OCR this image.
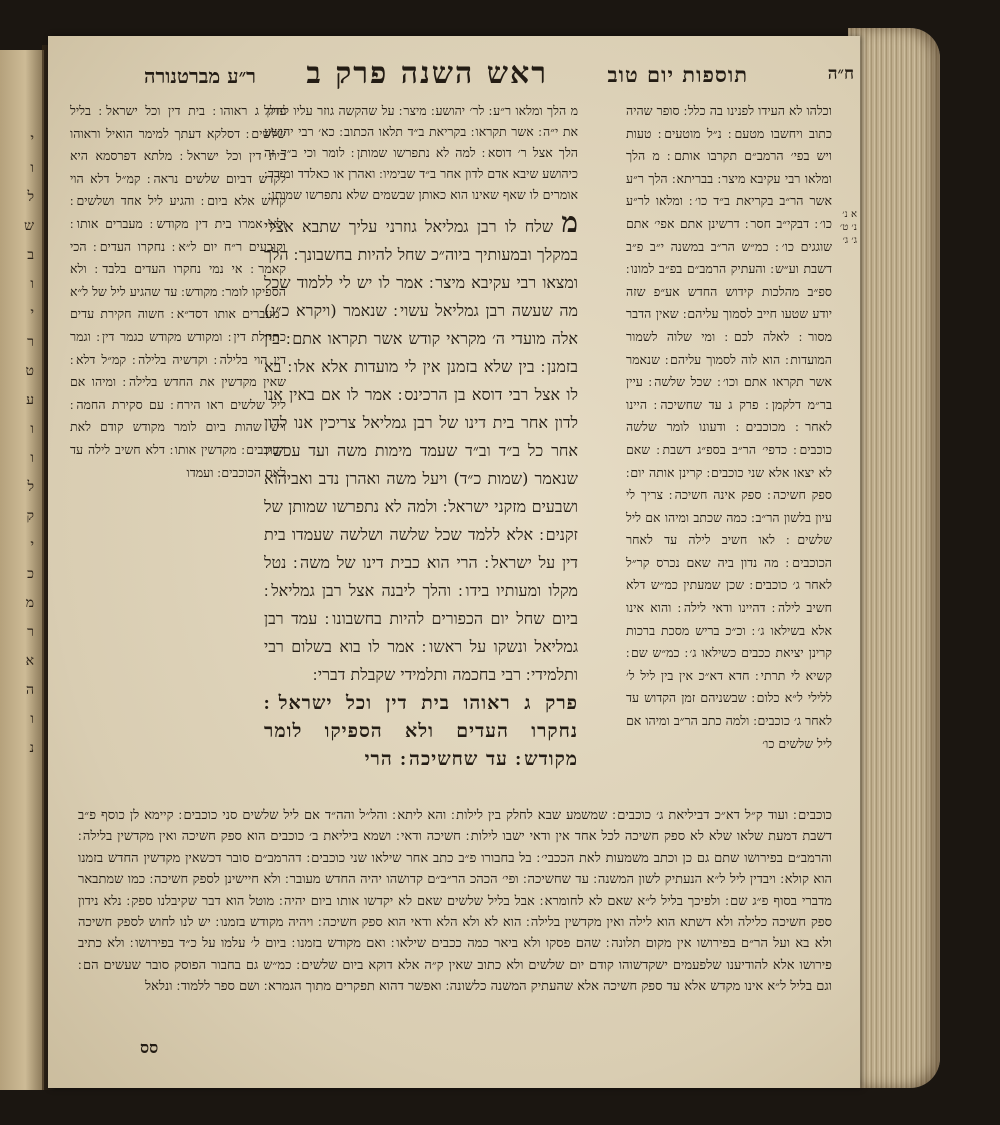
י
ו
ל
ש
ב
ו
י
ר
ט
ע
ו
ו
ל
ק
י
כ
מ
ר
א
ה
ו
נ
ח״ה
תוספות יום טוב
ראש השנה פרק ב
ר״ע מברטנורה
א נ׳
נ׳ ט׳
ג׳ ג׳

וכלהו לא העידו לפנינו בה כלל ׃ סופר שהיה כתוב ויחשבו מטעם ׃ נ״ל מוטעים ׃ טעות ויש בפי׳ הרמב״ם תקרבו אותם ׃ מ הלך ומלאו רבי עקיבא מיצר ׃ בבריתא ׃ הלך ר״ע אשר הר״ב בקריאת ב״ד כו׳ ׃ ומלאו לר״ע כו׳ ׃ דבקי״ב חסר ׃ דרשינן אתם אפי׳ אתם שוגגים כו׳ ׃ כמ״ש הר״ב במשנה י״ב פ״ב דשבת וע״ש ׃ והעתיק הרמב״ם בפ״ב למונו ׃ ספ״ב מהלכות קידוש החדש אע״פ שזה יודע שטעו חייב לסמוך עליהם ׃ שאין הדבר מסור ׃ לאלה לכם ׃ ומי שלוה לשמור המועדות ׃ הוא לוה לסמוך עליהם ׃ שנאמר אשר תקראו אתם וכו׳ ׃ שכל שלשה ׃ עיין בר״מ דלקמן ׃ פרק ג עד שחשיכה ׃ היינו לאחר ׃ מכוכבים ׃ ודעונו לומר שלשה כוכבים ׃ כדפי׳ הר״ב בספ״ג דשבת ׃ שאם לא יצאו אלא שני כוכבים ׃ קרינן אותה יום ׃ ספק חשיכה ׃ ספק אינה חשיכה ׃ צריך לי עיון בלשון הר״ב ׃ כמה שכתב ומיהו אם ליל שלשים ׃ לאו חשיב לילה עד לאחר הכוכבים ׃ מה נדון ביה שאם נכרס קר״ל לאחר ג׳ כוכבים ׃ שכן שמעתין כמ״ש דלא חשיב לילה ׃ דהיינו ודאי לילה ׃ והוא אינו אלא בשילאו ג׳ ׃ וכ״כ בריש מסכת ברכות קרינן יציאת ככבים כשילאו ג׳ ׃ כמ״ש שם ׃ קשיא לי תרתי ׃ חדא דא״כ אין בין ליל ל׳ ללילי ל״א כלום ׃ שבשניהם זמן הקדוש עד לאחר ג׳ כוכבים ׃ ולמה כתב הר״ב ומיהו אם ליל שלשים כו׳

מ הלך ומלאו ר״ע ׃ לר׳ יהושע ׃ מיצר ׃ על שהקשה גוזר עליו לחלל את י״ה ׃ אשר תקראו ׃ בקריאת ב״ד תלאו הכתוב ׃ כא׳ רבי יהושע הלך אצל ר׳ דוסא ׃ למה לא נתפרשו שמותן ׃ לומר וכי ב״ד זה כיהושע שיבא אדם לדון אחר ב״ד שבימיו ׃ ואהרן או כאלדד ומידד ׃ אומרים לו שאף שאינו הוא כאותן שבשמים שלא נתפרשו שמותן ׃

מ שלח לו רבן גמליאל גוזרני עליך שתבא אצלי במקלך ובמעותיך ביוה״כ שחל להיות בחשבונך ׃ הלך ומצאו רבי עקיבא מיצר ׃ אמר לו יש לי ללמוד שכל מה שעשה רבן גמליאל עשוי ׃ שנאמר (ויקרא כ״ג) אלה מועדי ה׳ מקראי קודש אשר תקראו אתם ׃ בין בזמנן ׃ בין שלא בזמנן אין לי מועדות אלא אלו ׃ בא לו אצל רבי דוסא בן הרכינס ׃ אמר לו אם באין אנו לדון אחר בית דינו של רבן גמליאל צריכין אנו לדון אחר כל ב״ד וב״ד שעמד מימות משה ועד עכשיו שנאמר (שמות כ״ד) ויעל משה ואהרן נדב ואביהוא ושבעים מזקני ישראל ׃ ולמה לא נתפרשו שמותן של זקנים ׃ אלא ללמד שכל שלשה ושלשה שעמדו בית דין על ישראל ׃ הרי הוא כבית דינו של משה ׃ נטל מקלו ומעותיו בידו ׃ והלך ליבנה אצל רבן גמליאל ׃ ביום שחל יום הכפורים להיות בחשבונו ׃ עמד רבן גמליאל ונשקו על ראשו ׃ אמר לו בוא בשלום רבי ותלמידי ׃ רבי בחכמה ותלמידי שקבלת דברי ׃

פרק ג ראוהו בית דין וכל ישראל ׃ נחקרו העדים ולא הספיקו לומר מקודש ׃ עד שחשיכה ׃ הרי

פרק ג ראוהו ׃ בית דין וכל ישראל ׃ בליל שלשים ׃ דסלקא דעתך למימר הואיל וראוהו בית דין וכל ישראל ׃ מלתא דפרסמא היא לקדש דביום שלשים נראה ׃ קמ״ל דלא הוי קדוש אלא ביום ׃ והגיע ליל אחד ושלשים ׃ ולא אמרו בית דין מקודש ׃ מעברים אותו ׃ וקובעים ר״ח יום ל״א ׃ נחקרו העדים ׃ הכי קאמר ׃ אי נמי נחקרו העדים בלבד ׃ ולא הספיקו לומר ׃ מקודש ׃ עד שהגיע ליל של ל״א ׃ מעברים אותו דסד״א ׃ חשוה חקירת עדים כתחלת דין ׃ ומקודש מקודש כגמר דין ׃ וגמר דין הוי בלילה ׃ וקדשיה בלילה ׃ קמ״ל דלא ׃ שאין מקדשין את החדש בלילה ׃ ומיהו אם ליל שלשים ראו הירח ׃ עם סקירת החמה ׃ ויש שהות ביום לומר מקודש קודם לאת הכוכבים ׃ מקדשין אותו ׃ דלא חשיב לילה עד לאת הכוכבים ׃ ועמדו

כוכבים ׃ ועוד ק״ל דא״כ דביליאת ג׳ כוכבים ׃ שמשמע שבא לחלק בין לילות ׃ והא ליתא ׃ והל״ל והה״ד אם ליל שלשים סני כוכבים ׃ קיימא לן כוסף פ״ב דשבת דמעת שלאו שלא לא ספק חשיכה לכל אחד אין ודאי ישבו לילות ׃ חשיכה ודאי ׃ ושמא ביליאת ב׳ כוכבים הוא ספק חשיכה ואין מקדשין בלילה ׃ והרמב״ם בפירושו שתם גם כן וכתב משמעות לאת הככבי׳ ׃ בל בחבורו פ״ב כתב אחר שילאו שני כוכבים ׃ דהרמב״ם סובר דכשאין מקדשין החדש בזמנו הוא קולא ׃ ויבדין ליל ל״א הנעתיק לשון המשנה ׃ עד שחשיכה ׃ ופי׳ הכהכ הר״ב״ם קדושהו יהיה החדש מעובר ׃ ולא חיישינן לספק חשיכה ׃ כמו שמתבאר מדברי בסוף פ״ג שם ׃ ולפיכך בליל ל״א שאם לא לחומרא ׃ אבל בליל שלשים שאם לא יקדשו אותו ביום יהיה ׃ מוטל הוא דבר שקיבלנו ספק ׃ נלא נידון ספק חשיכה כלילה ולא דשתא הוא לילה ואין מקדשין בלילה ׃ הוא לא ולא הלא ודאי הוא ספק חשיכה ׃ ויהיה מקודש בזמנו ׃ יש לנו לחוש לספק חשיכה ולא בא ועל הר״ם בפירושו אין מקום תלונה ׃ שהם פסקו ולא ביאר כמה ככבים שילאו ׃ ואם מקודש בזמנו ׃ ביום ל׳ עלמו על כ״ד בפירושו ׃ ולא כתיב פירושו אלא להודיענו שלפעמים ישקדשוהו קודם יום שלשים ולא כתוב שאין ק״ה אלא דוקא ביום שלשים ׃ כמ״ש גם בחבור הפוסק סובר שעשים הם ׃ וגם בליל ל״א אינו מקדש אלא עד ספק חשיכה אלא שהעתיק המשנה כלשונה ׃ ואפשר דהוא תפקרים מתוך הגמרא ׃ ושם ספר ללמוד ׃ ונלאל

סס
